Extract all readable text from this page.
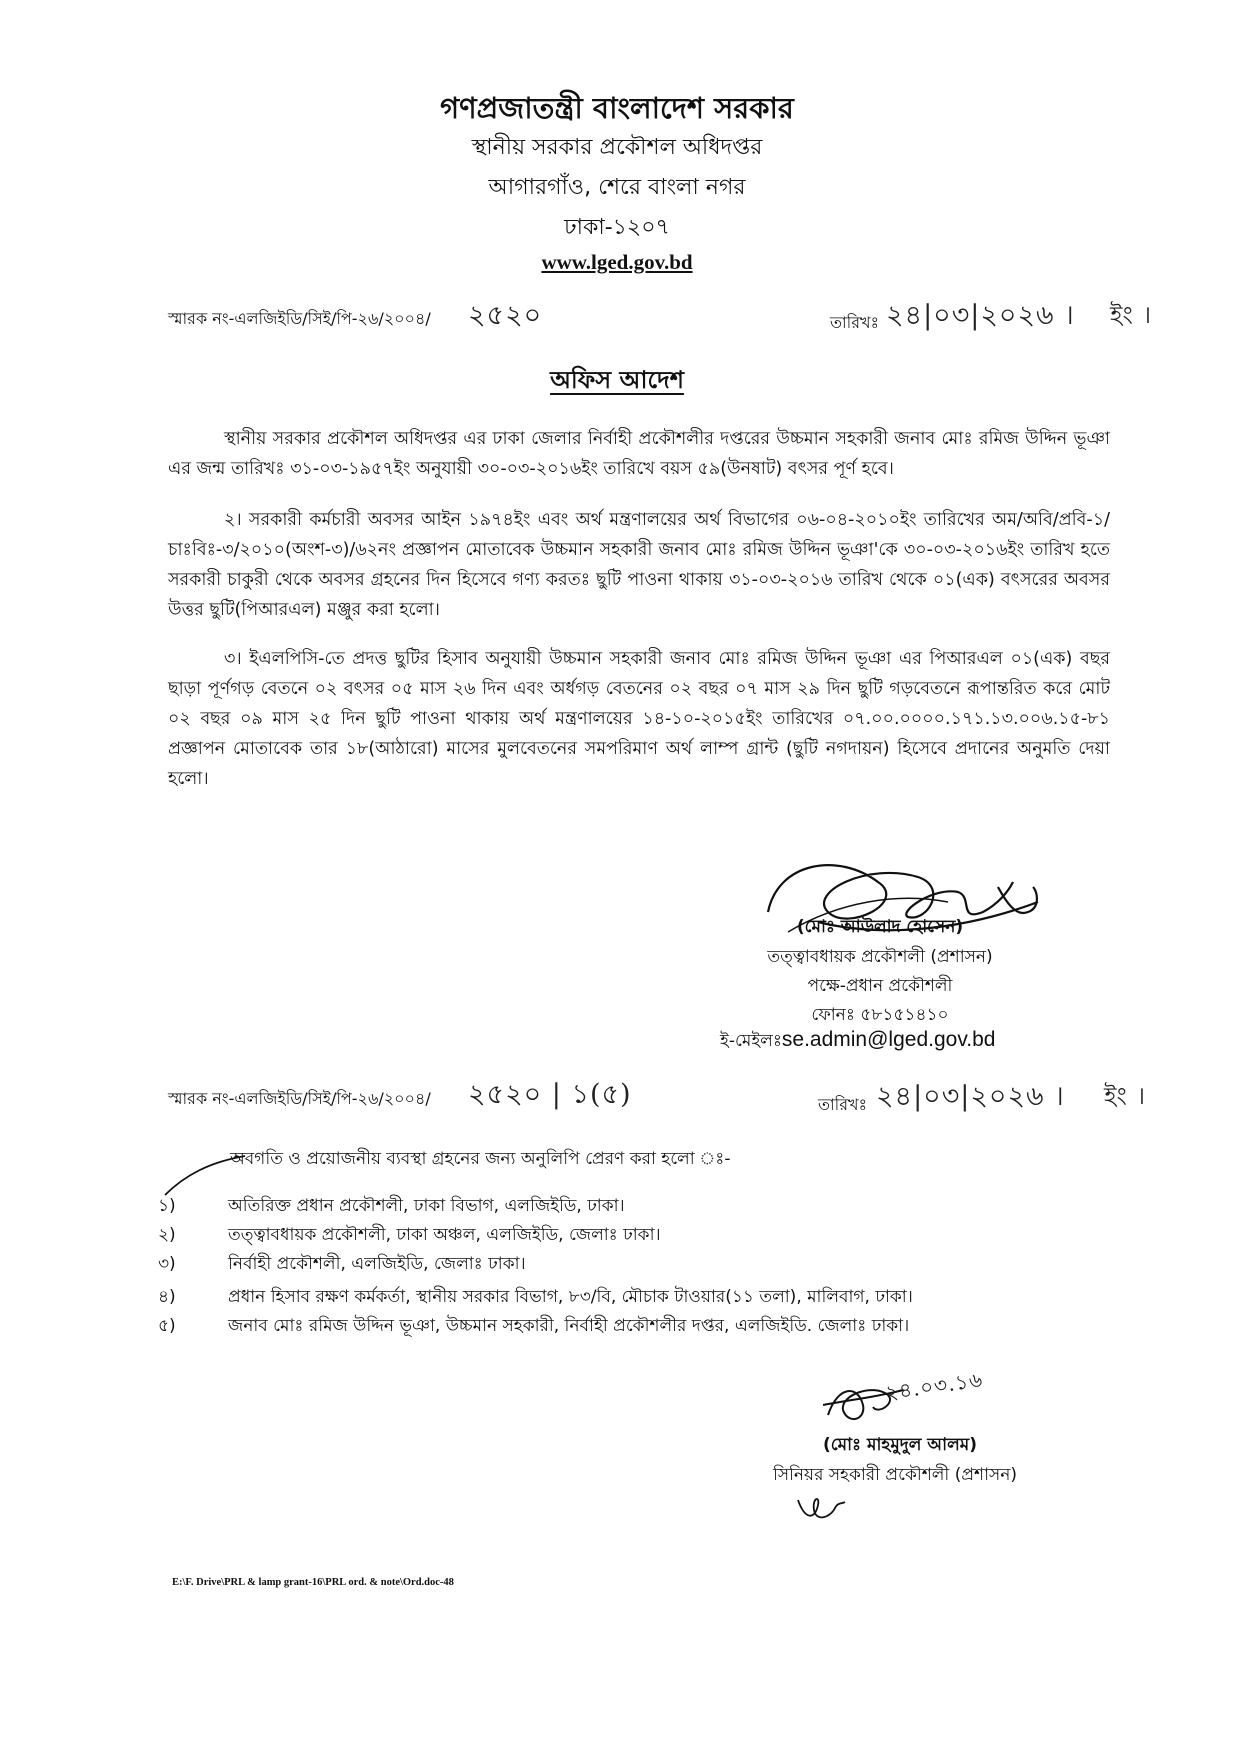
গণপ্রজাতন্ত্রী বাংলাদেশ সরকার
স্থানীয় সরকার প্রকৌশল অধিদপ্তর
আগারগাঁও, শেরে বাংলা নগর
ঢাকা-১২০৭
www.lged.gov.bd
স্মারক নং-এলজিইডি/সিই/পি-২৬/২০০৪/ ২৫২০	তারিখঃ ২৪|০৩|২০২৬ । ইং ।
অফিস আদেশ
স্থানীয় সরকার প্রকৌশল অধিদপ্তর এর ঢাকা জেলার নির্বাহী প্রকৌশলীর দপ্তরের উচ্চমান সহকারী জনাব মোঃ রমিজ উদ্দিন ভূঞা এর জন্ম তারিখঃ ৩১-০৩-১৯৫৭ইং অনুযায়ী ৩০-০৩-২০১৬ইং তারিখে বয়স ৫৯(উনষাট) বৎসর পূর্ণ হবে।
২। সরকারী কর্মচারী অবসর আইন ১৯৭৪ইং এবং অর্থ মন্ত্রণালয়ের অর্থ বিভাগের ০৬-০৪-২০১০ইং তারিখের অম/অবি/প্রবি-১/চাঃবিঃ-৩/২০১০(অংশ-৩)/৬২নং প্রজ্ঞাপন মোতাবেক উচ্চমান সহকারী জনাব মোঃ রমিজ উদ্দিন ভূঞা'কে ৩০-০৩-২০১৬ইং তারিখ হতে সরকারী চাকুরী থেকে অবসর গ্রহনের দিন হিসেবে গণ্য করতঃ ছুটি পাওনা থাকায় ৩১-০৩-২০১৬ তারিখ থেকে ০১(এক) বৎসরের অবসর উত্তর ছুটি(পিআরএল) মঞ্জুর করা হলো।
৩। ইএলপিসি-তে প্রদত্ত ছুটির হিসাব অনুযায়ী উচ্চমান সহকারী জনাব মোঃ রমিজ উদ্দিন ভূঞা এর পিআরএল ০১(এক) বছর ছাড়া পূর্ণগড় বেতনে ০২ বৎসর ০৫ মাস ২৬ দিন এবং অর্ধগড় বেতনের ০২ বছর ০৭ মাস ২৯ দিন ছুটি গড়বেতনে রূপান্তরিত করে মোট ০২ বছর ০৯ মাস ২৫ দিন ছুটি পাওনা থাকায় অর্থ মন্ত্রণালয়ের ১৪-১০-২০১৫ইং তারিখের ০৭.০০.০০০০.১৭১.১৩.০০৬.১৫-৮১ প্রজ্ঞাপন মোতাবেক তার ১৮(আঠারো) মাসের মুলবেতনের সমপরিমাণ অর্থ লাম্প গ্রান্ট (ছুটি নগদায়ন) হিসেবে প্রদানের অনুমতি দেয়া হলো।
(মোঃ আউলাদ হোসেন)
তত্ত্বাবধায়ক প্রকৌশলী (প্রশাসন)
পক্ষে-প্রধান প্রকৌশলী
ফোনঃ ৫৮১৫১৪১০
ই-মেইলঃse.admin@lged.gov.bd
স্মারক নং-এলজিইডি/সিই/পি-২৬/২০০৪/ ২৫২০ | ১(৫)	তারিখঃ ২৪|০৩|২০২৬ । ইং ।
অবগতি ও প্রয়োজনীয় ব্যবস্থা গ্রহনের জন্য অনুলিপি প্রেরণ করা হলো ঃ-
১)	অতিরিক্ত প্রধান প্রকৌশলী, ঢাকা বিভাগ, এলজিইডি, ঢাকা।
২)	তত্ত্বাবধায়ক প্রকৌশলী, ঢাকা অঞ্চল, এলজিইডি, জেলাঃ ঢাকা।
৩)	নির্বাহী প্রকৌশলী, এলজিইডি, জেলাঃ ঢাকা।
৪)	প্রধান হিসাব রক্ষণ কর্মকর্তা, স্থানীয় সরকার বিভাগ, ৮৩/বি, মৌচাক টাওয়ার(১১ তলা), মালিবাগ, ঢাকা।
৫)	জনাব মোঃ রমিজ উদ্দিন ভূঞা, উচ্চমান সহকারী, নির্বাহী প্রকৌশলীর দপ্তর, এলজিইডি. জেলাঃ ঢাকা।
২৪.০৩.১৬
(মোঃ মাহমুদুল আলম)
সিনিয়র সহকারী প্রকৌশলী (প্রশাসন)
E:\F. Drive\PRL & lamp grant-16\PRL ord. & note\Ord.doc-48
